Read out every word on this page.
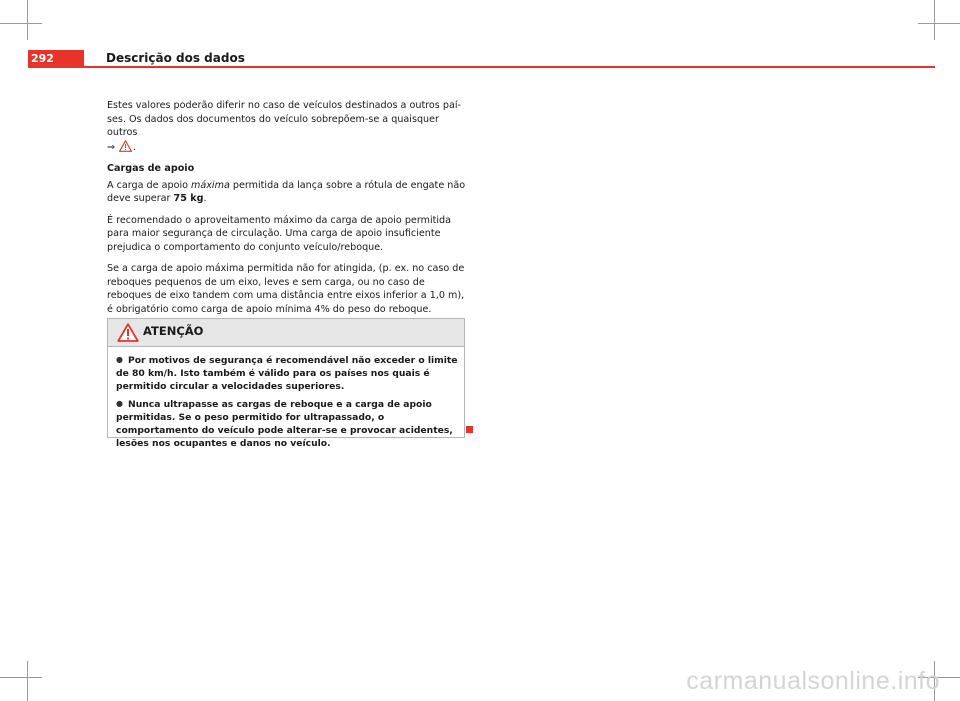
292	Descrição dos dados

Estes valores poderão diferir no caso de veículos destinados a outros países. Os dados dos documentos do veículo sobrepõem-se a quaisquer outros
⇒ .

Cargas de apoio

A carga de apoio máxima permitida da lança sobre a rótula de engate não deve superar 75 kg.

É recomendado o aproveitamento máximo da carga de apoio permitida para maior segurança de circulação. Uma carga de apoio insuficiente prejudica o comportamento do conjunto veículo/reboque.

Se a carga de apoio máxima permitida não for atingida, (p. ex. no caso de reboques pequenos de um eixo, leves e sem carga, ou no caso de reboques de eixo tandem com uma distância entre eixos inferior a 1,0 m), é obrigatório como carga de apoio mínima 4% do peso do reboque.

ATENÇÃO
● Por motivos de segurança é recomendável não exceder o limite de 80 km/h. Isto também é válido para os países nos quais é permitido circular a velocidades superiores.
● Nunca ultrapasse as cargas de reboque e a carga de apoio permitidas. Se o peso permitido for ultrapassado, o comportamento do veículo pode alterar-se e provocar acidentes, lesões nos ocupantes e danos no veículo.
carmanualsonline.info
